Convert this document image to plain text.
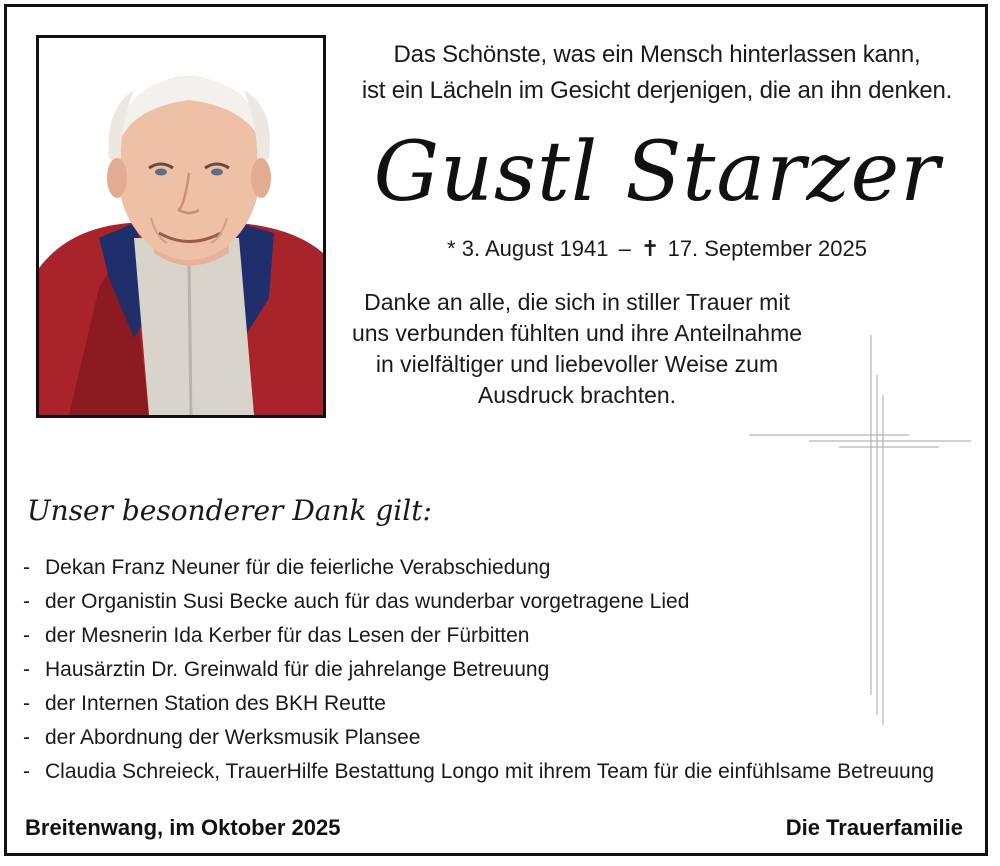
Das Schönste, was ein Mensch hinterlassen kann,
ist ein Lächeln im Gesicht derjenigen, die an ihn denken.
Gustl Starzer
* 3. August 1941 – ✝ 17. September 2025
Danke an alle, die sich in stiller Trauer mit
uns verbunden fühlten und ihre Anteilnahme
in vielfältiger und liebevoller Weise zum
Ausdruck brachten.
Unser besonderer Dank gilt:
- Dekan Franz Neuner für die feierliche Verabschiedung
- der Organistin Susi Becke auch für das wunderbar vorgetragene Lied
- der Mesnerin Ida Kerber für das Lesen der Fürbitten
- Hausärztin Dr. Greinwald für die jahrelange Betreuung
- der Internen Station des BKH Reutte
- der Abordnung der Werksmusik Plansee
- Claudia Schreieck, TrauerHilfe Bestattung Longo mit ihrem Team für die einfühlsame Betreuung
Breitenwang, im Oktober 2025	Die Trauerfamilie
